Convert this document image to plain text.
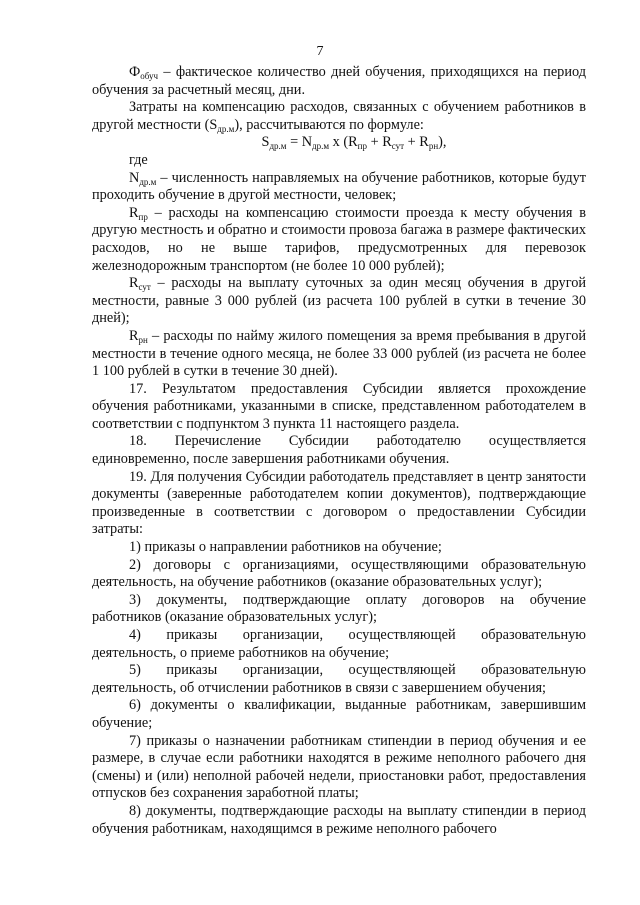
7

$Ф_{обуч}$ – фактическое количество дней обучения, приходящихся на период обучения за расчетный месяц, дни.

Затраты на компенсацию расходов, связанных с обучением работников в другой местности $(S_{др.м})$, рассчитываются по формуле:

$S_{др.м} = N_{др.м}$ х $(R_{пр} + R_{сут} + R_{рн})$,

где

$N_{др.м}$ – численность направляемых на обучение работников, которые будут проходить обучение в другой местности, человек;

$R_{пр}$ – расходы на компенсацию стоимости проезда к месту обучения в другую местность и обратно и стоимости провоза багажа в размере фактических расходов, но не выше тарифов, предусмотренных для перевозок железнодорожным транспортом (не более 10 000 рублей);

$R_{сут}$ – расходы на выплату суточных за один месяц обучения в другой местности, равные 3 000 рублей (из расчета 100 рублей в сутки в течение 30 дней);

$R_{рн}$ – расходы по найму жилого помещения за время пребывания в другой местности в течение одного месяца, не более 33 000 рублей (из расчета не более 1 100 рублей в сутки в течение 30 дней).

17. Результатом предоставления Субсидии является прохождение обучения работниками, указанными в списке, представленном работодателем в соответствии с подпунктом 3 пункта 11 настоящего раздела.

18. Перечисление Субсидии работодателю осуществляется единовременно, после завершения работниками обучения.

19. Для получения Субсидии работодатель представляет в центр занятости документы (заверенные работодателем копии документов), подтверждающие произведенные в соответствии с договором о предоставлении Субсидии затраты:

1) приказы о направлении работников на обучение;

2) договоры с организациями, осуществляющими образовательную деятельность, на обучение работников (оказание образовательных услуг);

3) документы, подтверждающие оплату договоров на обучение работников (оказание образовательных услуг);

4) приказы организации, осуществляющей образовательную деятельность, о приеме работников на обучение;

5) приказы организации, осуществляющей образовательную деятельность, об отчислении работников в связи с завершением обучения;

6) документы о квалификации, выданные работникам, завершившим обучение;

7) приказы о назначении работникам стипендии в период обучения и ее размере, в случае если работники находятся в режиме неполного рабочего дня (смены) и (или) неполной рабочей недели, приостановки работ, предоставления отпусков без сохранения заработной платы;

8) документы, подтверждающие расходы на выплату стипендии в период обучения работникам, находящимся в режиме неполного рабочего
